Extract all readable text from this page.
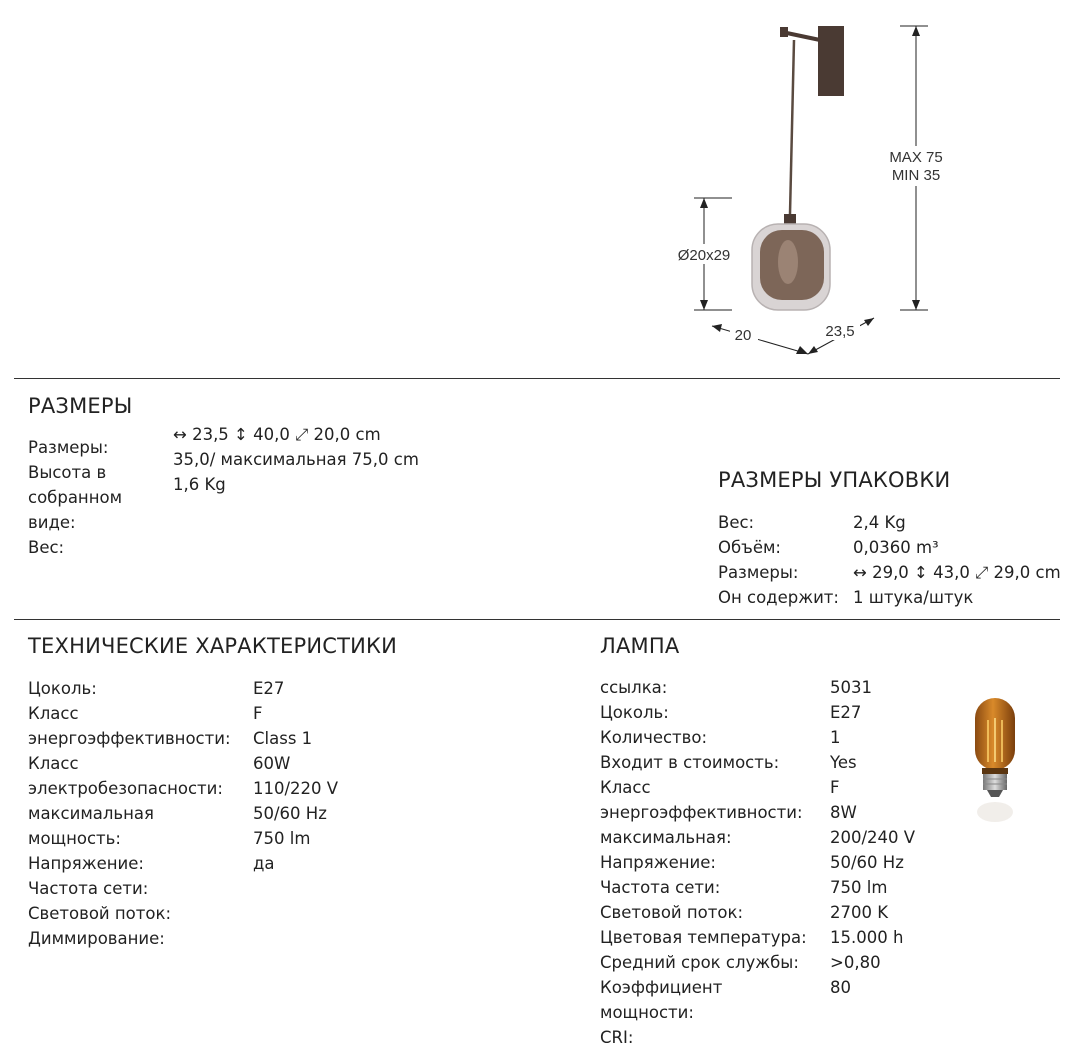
MAX 75
MIN 35
Ø20x29
20	23,5
РАЗМЕРЫ
Размеры:
Высота в
собранном
виде:
Вес:
↔ 23,5 ↕ 40,0 ⤢ 20,0 cm
35,0/ максимальная 75,0 cm
1,6 Kg	РАЗМЕРЫ УПАКОВКИ
Вес:
Объём:
Размеры:
Он содержит:
2,4 Kg
0,0360 m³
↔ 29,0 ↕ 43,0 ⤢ 29,0 cm
1 штука/штук
ТЕХНИЧЕСКИЕ ХАРАКТЕРИСТИКИ
Цоколь:
Класс
энергоэффективности:
Класс
электробезопасности:
максимальная
мощность:
Напряжение:
Частота сети:
Световой поток:
Диммирование:
E27
F
Class 1
60W
110/220 V
50/60 Hz
750 lm
да
ЛАМПА
ссылка:
Цоколь:
Количество:
Входит в стоимость:
Класс
энергоэффективности:
максимальная:
Напряжение:
Частота сети:
Световой поток:
Цветовая температура:
Средний срок службы:
Коэффициент
мощности:
CRI:
5031
E27
1
Yes
F
8W
200/240 V
50/60 Hz
750 lm
2700 K
15.000 h
>0,80
80
